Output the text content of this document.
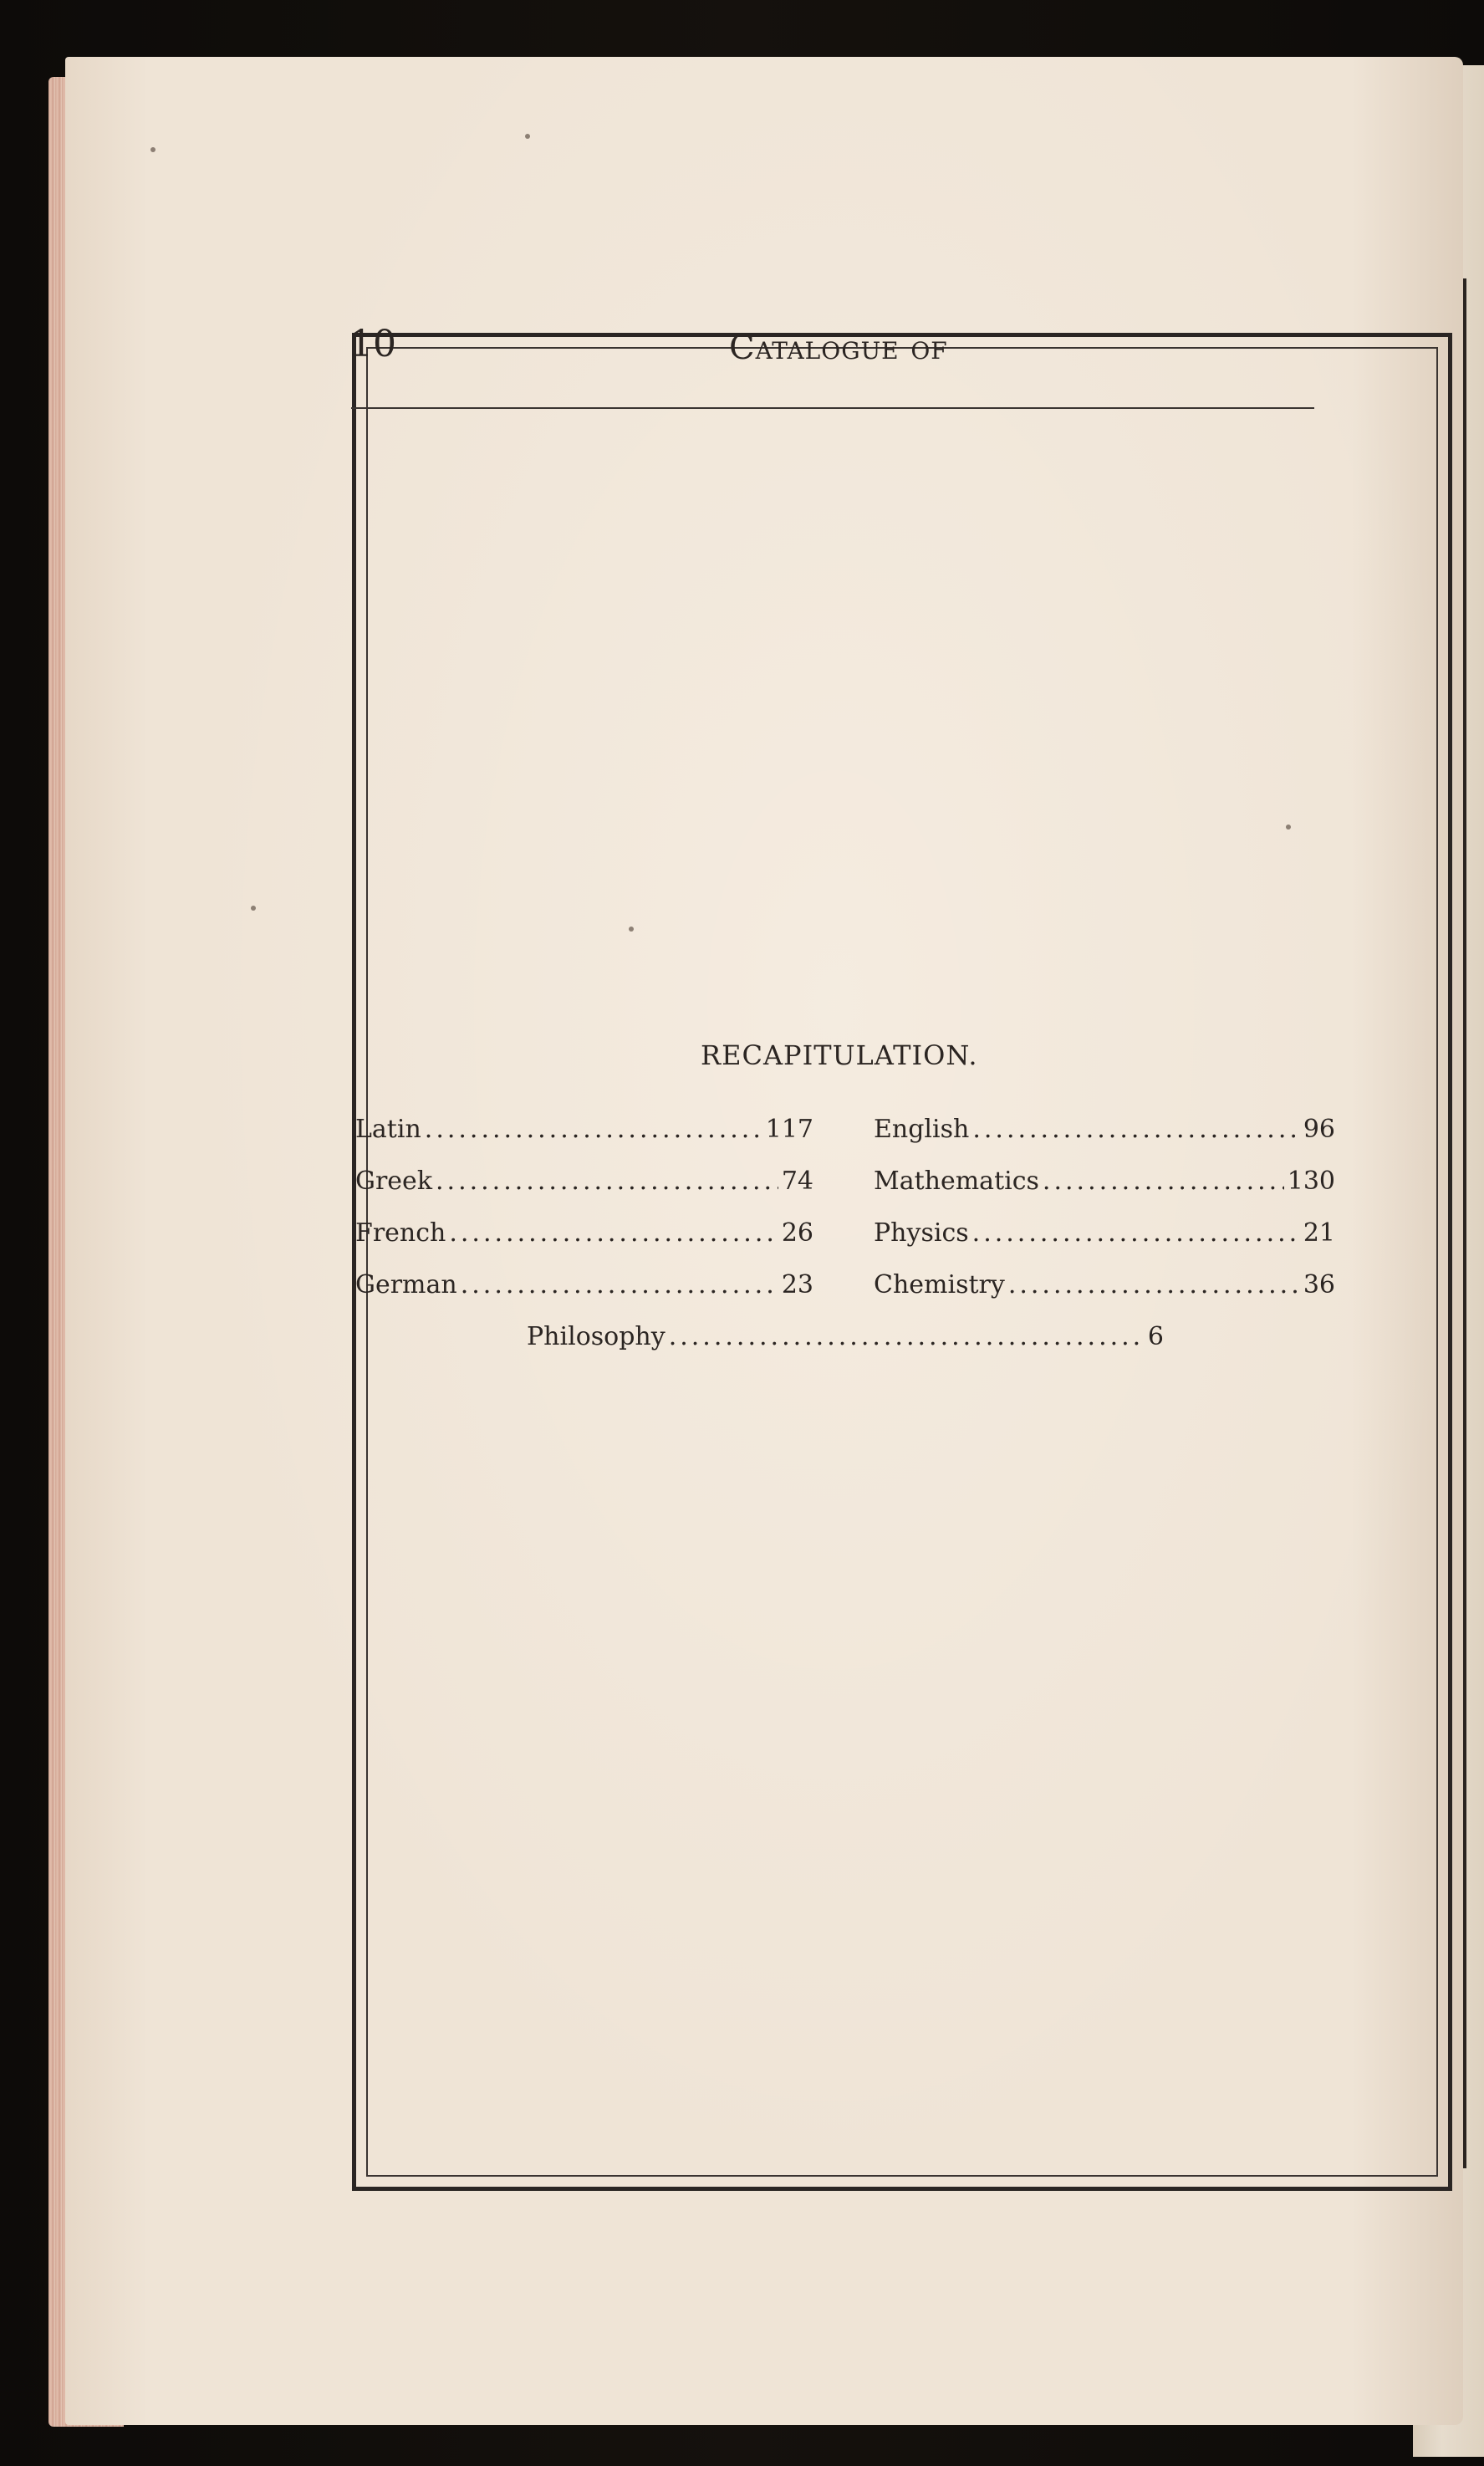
10	Catalogue of
RECAPITULATION.
Latin .....	117
Greek .....	74
French .....	26
German .....	23
English .....	96
Mathematics .....	130
Physics .....	21
Chemistry .....	36
Philosophy .....	6
